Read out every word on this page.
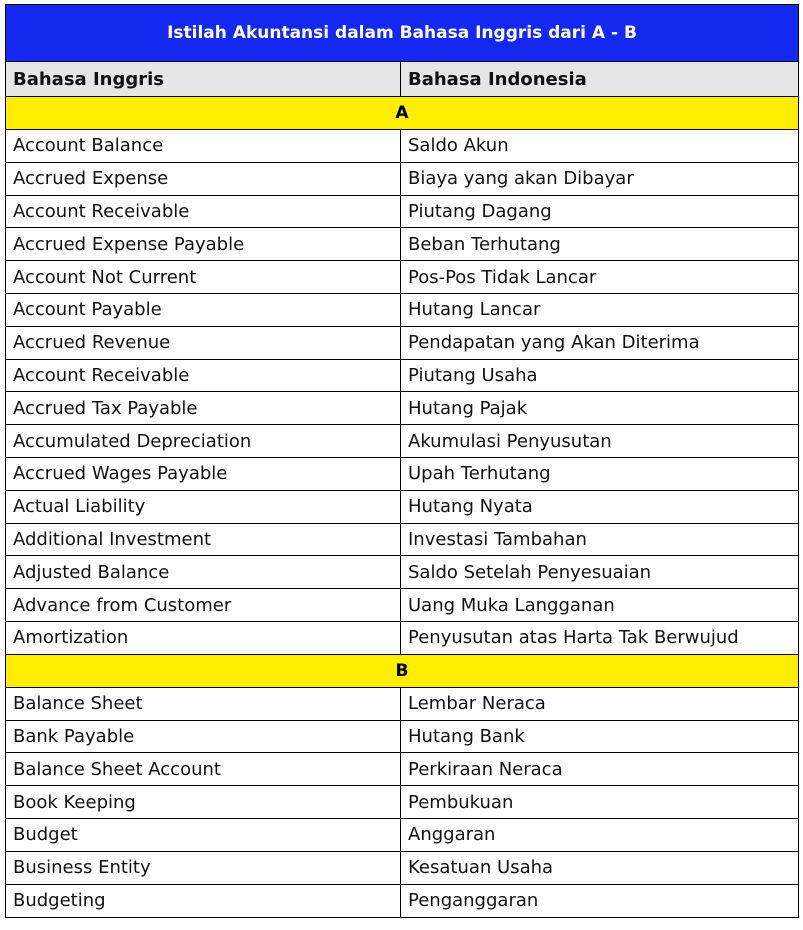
Istilah Akuntansi dalam Bahasa Inggris dari A - B
Bahasa Inggris	Bahasa Indonesia
A
Account Balance	Saldo Akun
Accrued Expense	Biaya yang akan Dibayar
Account Receivable	Piutang Dagang
Accrued Expense Payable	Beban Terhutang
Account Not Current	Pos-Pos Tidak Lancar
Account Payable	Hutang Lancar
Accrued Revenue	Pendapatan yang Akan Diterima
Account Receivable	Piutang Usaha
Accrued Tax Payable	Hutang Pajak
Accumulated Depreciation	Akumulasi Penyusutan
Accrued Wages Payable	Upah Terhutang
Actual Liability	Hutang Nyata
Additional Investment	Investasi Tambahan
Adjusted Balance	Saldo Setelah Penyesuaian
Advance from Customer	Uang Muka Langganan
Amortization	Penyusutan atas Harta Tak Berwujud
B
Balance Sheet	Lembar Neraca
Bank Payable	Hutang Bank
Balance Sheet Account	Perkiraan Neraca
Book Keeping	Pembukuan
Budget	Anggaran
Business Entity	Kesatuan Usaha
Budgeting	Penganggaran
